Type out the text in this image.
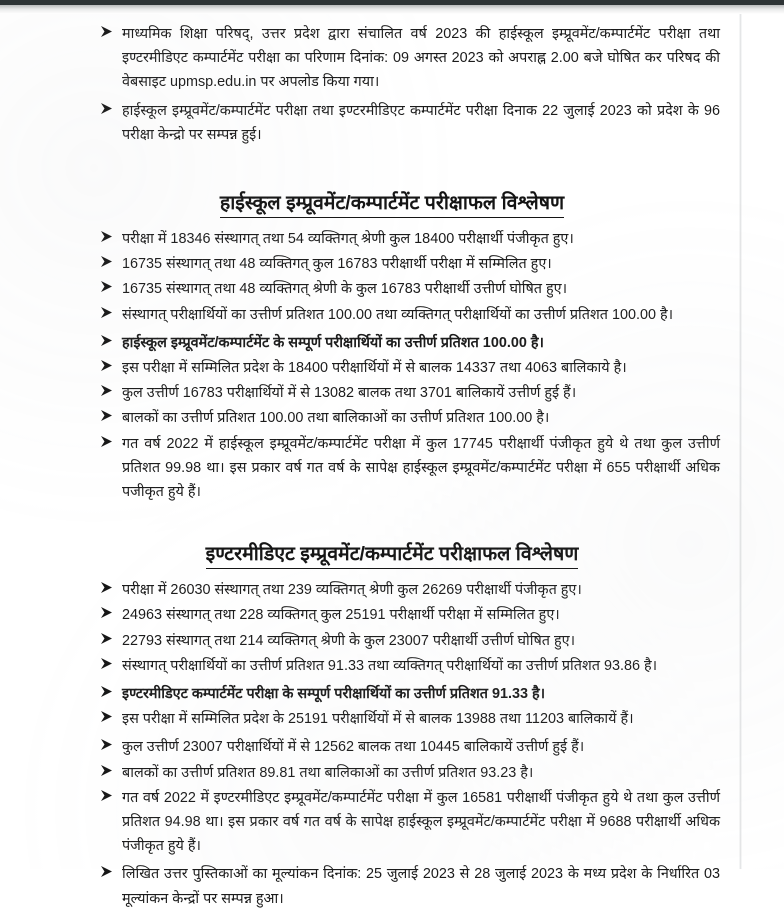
माध्यमिक शिक्षा परिषद्, उत्तर प्रदेश द्वारा संचालित वर्ष 2023 की हाईस्कूल इम्प्रूवमेंट/कम्पार्टमेंट परीक्षा तथा इण्टरमीडिएट कम्पार्टमेंट परीक्षा का परिणाम दिनांक: 09 अगस्त 2023 को अपराह्न 2.00 बजे घोषित कर परिषद की वेबसाइट upmsp.edu.in पर अपलोड किया गया।
हाईस्कूल इम्प्रूवमेंट/कम्पार्टमेंट परीक्षा तथा इण्टरमीडिएट कम्पार्टमेंट परीक्षा दिनाक 22 जुलाई 2023 को प्रदेश के 96 परीक्षा केन्द्रो पर सम्पन्न हुई।
हाईस्कूल इम्प्रूवमेंट/कम्पार्टमेंट परीक्षाफल विश्लेषण
परीक्षा में 18346 संस्थागत् तथा 54 व्यक्तिगत् श्रेणी कुल 18400 परीक्षार्थी पंजीकृत हुए।
16735 संस्थागत् तथा 48 व्यक्तिगत् कुल 16783 परीक्षार्थी परीक्षा में सम्मिलित हुए।
16735 संस्थागत् तथा 48 व्यक्तिगत् श्रेणी के कुल 16783 परीक्षार्थी उत्तीर्ण घोषित हुए।
संस्थागत् परीक्षार्थियों का उत्तीर्ण प्रतिशत 100.00 तथा व्यक्तिगत् परीक्षार्थियों का उत्तीर्ण प्रतिशत 100.00 है।
हाईस्कूल इम्प्रूवमेंट/कम्पार्टमेंट के सम्पूर्ण परीक्षार्थियों का उत्तीर्ण प्रतिशत 100.00 है।
इस परीक्षा में सम्मिलित प्रदेश के 18400 परीक्षार्थियों में से बालक 14337 तथा 4063 बालिकाये है।
कुल उत्तीर्ण 16783 परीक्षार्थियों में से 13082 बालक तथा 3701 बालिकायें उत्तीर्ण हुई हैं।
बालकों का उत्तीर्ण प्रतिशत 100.00 तथा बालिकाओं का उत्तीर्ण प्रतिशत 100.00 है।
गत वर्ष 2022 में हाईस्कूल इम्प्रूवमेंट/कम्पार्टमेंट परीक्षा में कुल 17745 परीक्षार्थी पंजीकृत हुये थे तथा कुल उत्तीर्ण प्रतिशत 99.98 था। इस प्रकार वर्ष गत वर्ष के सापेक्ष हाईस्कूल इम्प्रूवमेंट/कम्पार्टमेंट परीक्षा में 655 परीक्षार्थी अधिक पजीकृत हुये हैं।
इण्टरमीडिएट इम्प्रूवमेंट/कम्पार्टमेंट परीक्षाफल विश्लेषण
परीक्षा में 26030 संस्थागत् तथा 239 व्यक्तिगत् श्रेणी कुल 26269 परीक्षार्थी पंजीकृत हुए।
24963 संस्थागत् तथा 228 व्यक्तिगत् कुल 25191 परीक्षार्थी परीक्षा में सम्मिलित हुए।
22793 संस्थागत् तथा 214 व्यक्तिगत् श्रेणी के कुल 23007 परीक्षार्थी उत्तीर्ण घोषित हुए।
संस्थागत् परीक्षार्थियों का उत्तीर्ण प्रतिशत 91.33 तथा व्यक्तिगत् परीक्षार्थियों का उत्तीर्ण प्रतिशत 93.86 है।
इण्टरमीडिएट कम्पार्टमेंट परीक्षा के सम्पूर्ण परीक्षार्थियों का उत्तीर्ण प्रतिशत 91.33 है।
इस परीक्षा में सम्मिलित प्रदेश के 25191 परीक्षार्थियों में से बालक 13988 तथा 11203 बालिकायें हैं।
कुल उत्तीर्ण 23007 परीक्षार्थियों में से 12562 बालक तथा 10445 बालिकायें उत्तीर्ण हुई हैं।
बालकों का उत्तीर्ण प्रतिशत 89.81 तथा बालिकाओं का उत्तीर्ण प्रतिशत 93.23 है।
गत वर्ष 2022 में इण्टरमीडिएट इम्प्रूवमेंट/कम्पार्टमेंट परीक्षा में कुल 16581 परीक्षार्थी पंजीकृत हुये थे तथा कुल उत्तीर्ण प्रतिशत 94.98 था। इस प्रकार वर्ष गत वर्ष के सापेक्ष हाईस्कूल इम्प्रूवमेंट/कम्पार्टमेंट परीक्षा में 9688 परीक्षार्थी अधिक पंजीकृत हुये हैं।
लिखित उत्तर पुस्तिकाओं का मूल्यांकन दिनांक: 25 जुलाई 2023 से 28 जुलाई 2023 के मध्य प्रदेश के निर्धारित 03 मूल्यांकन केन्द्रों पर सम्पन्न हुआ।
